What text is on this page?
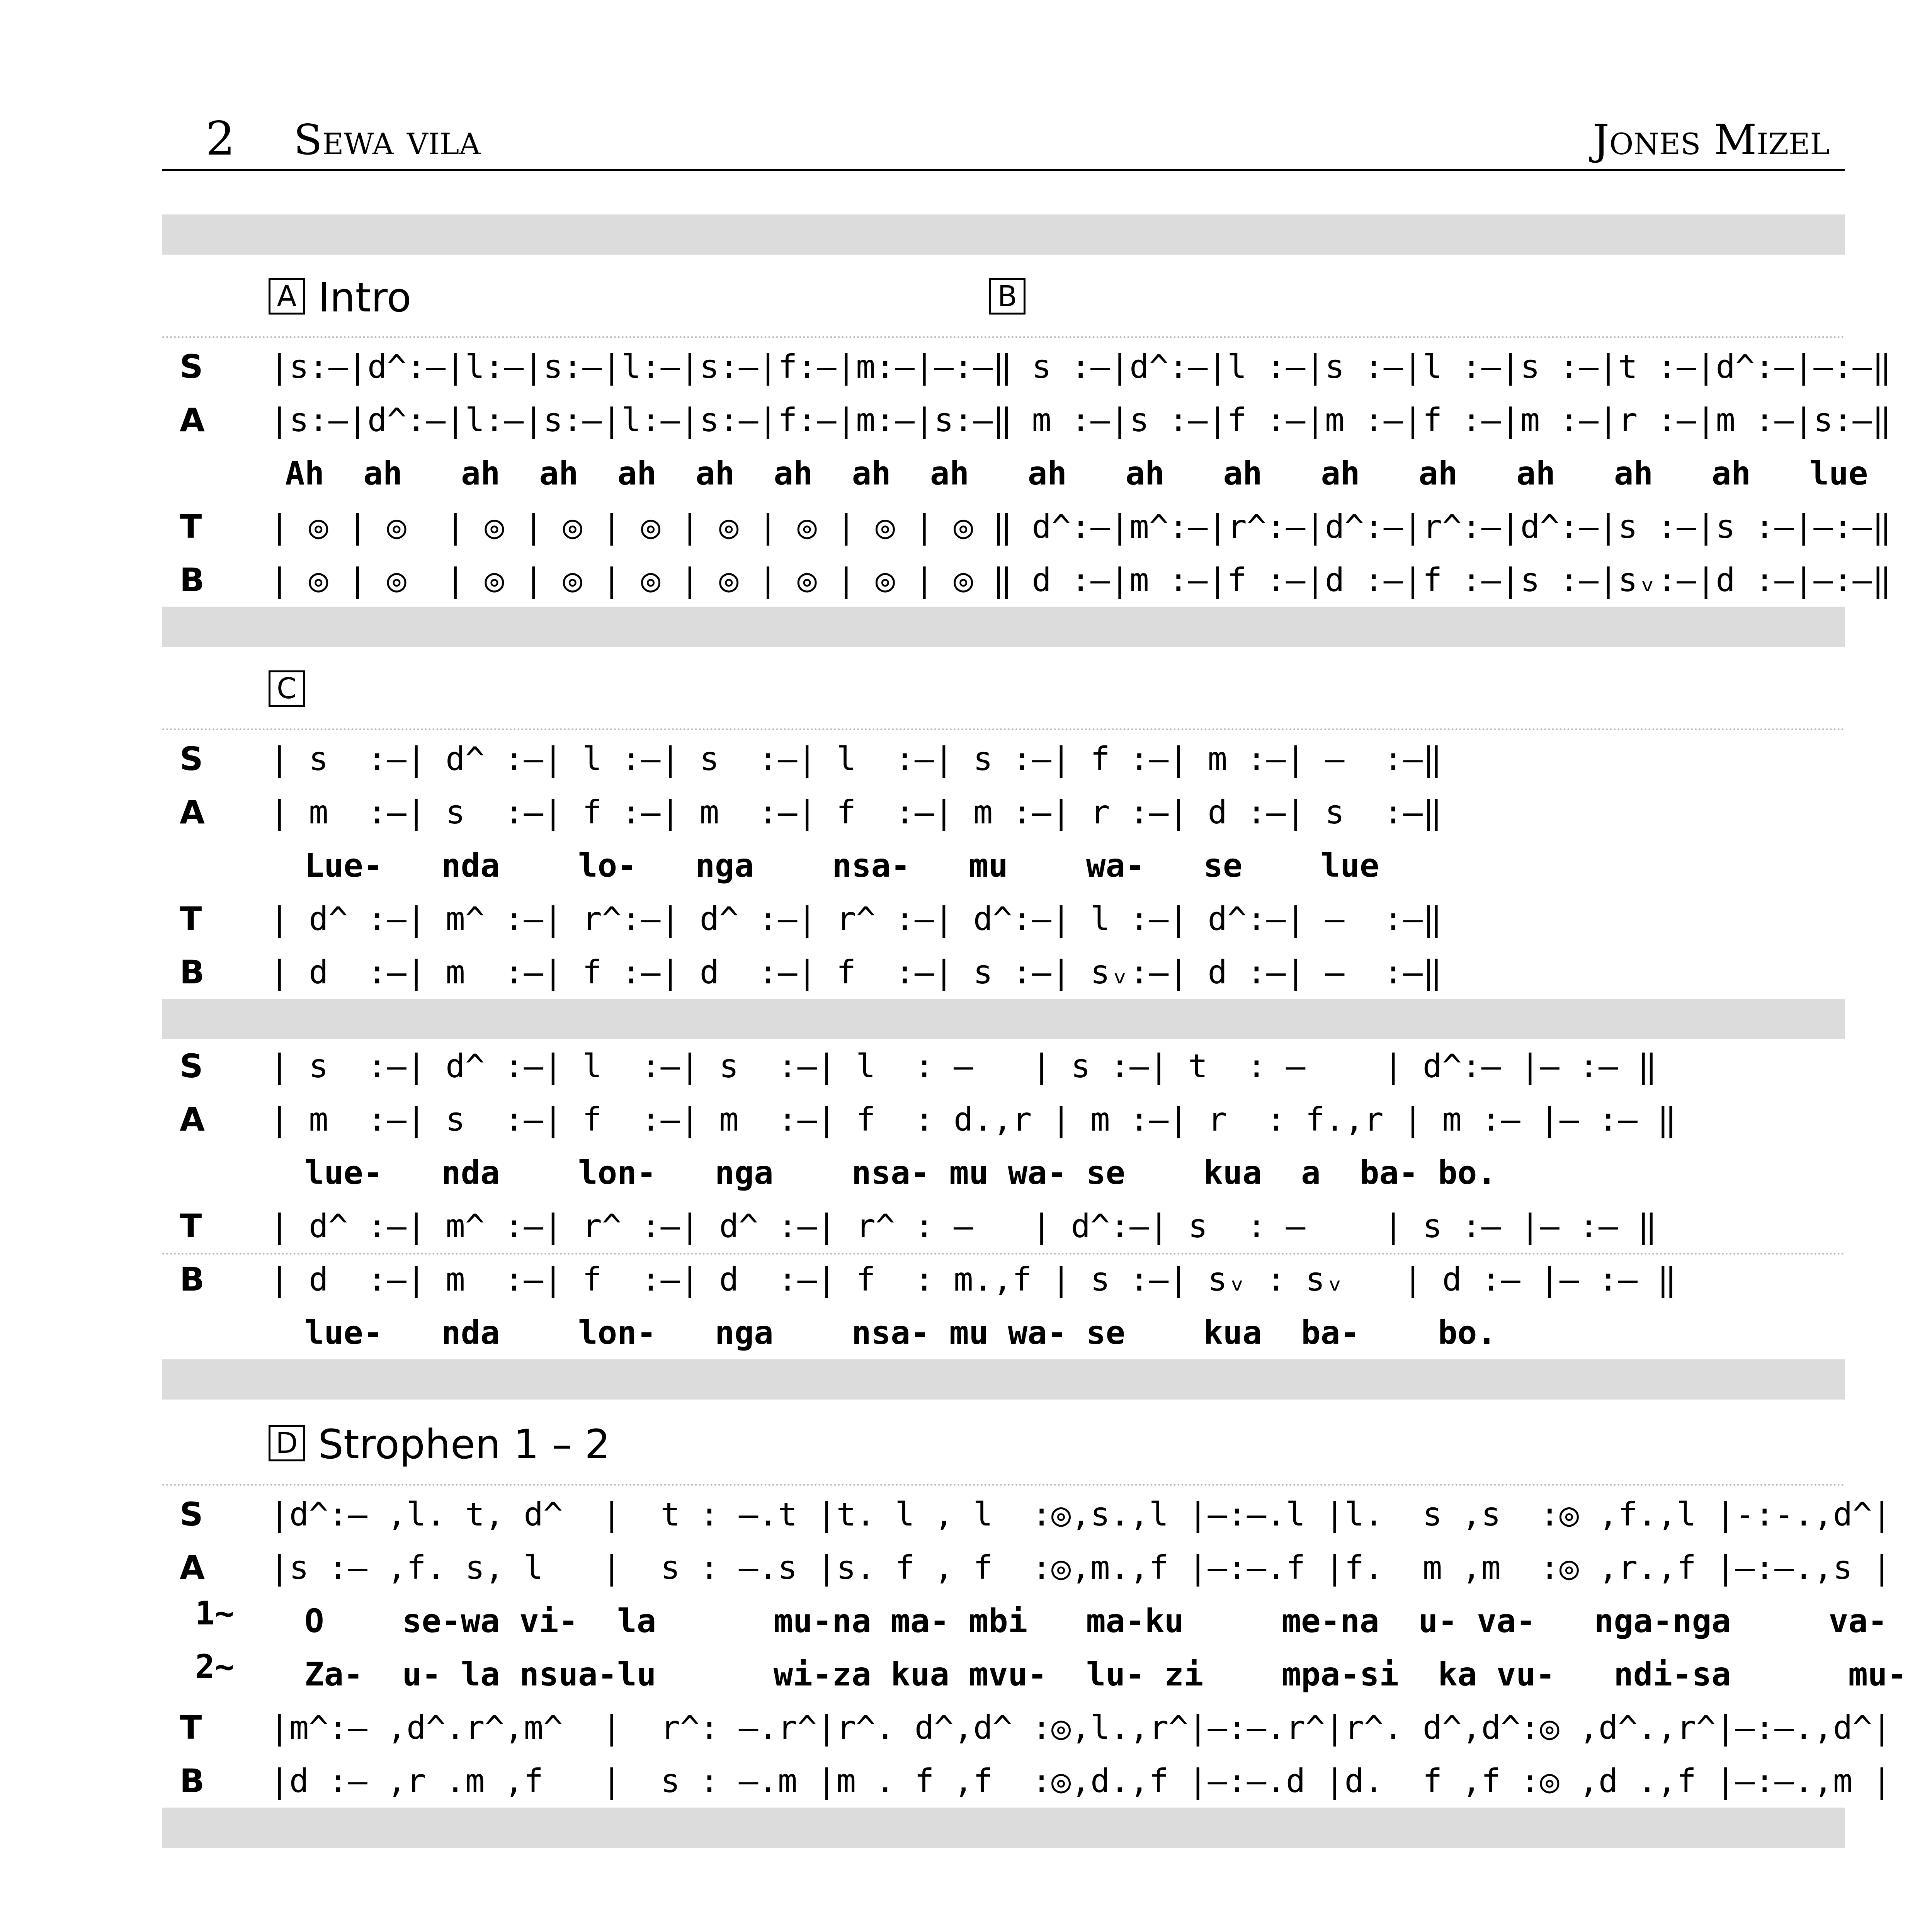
2 Sewa vila	Jones Mizel
A Intro	B
S	|s:–|d^:–|l:–|s:–|l:–|s:–|f:–|m:–|–:–‖ s :–|d^:–|l :–|s :–|l :–|s :–|t :–|d^:–|–:–‖
A	|s:–|d^:–|l:–|s:–|l:–|s:–|f:–|m:–|s:–‖ m :–|s :–|f :–|m :–|f :–|m :–|r :–|m :–|s:–‖
Ah  ah   ah  ah  ah  ah  ah  ah  ah   ah   ah   ah   ah   ah   ah   ah   ah   lue
T	| ◎ | ◎  | ◎ | ◎ | ◎ | ◎ | ◎ | ◎ | ◎ ‖ d^:–|m^:–|r^:–|d^:–|r^:–|d^:–|s :–|s :–|–:–‖
B	| ◎ | ◎  | ◎ | ◎ | ◎ | ◎ | ◎ | ◎ | ◎ ‖ d :–|m :–|f :–|d :–|f :–|s :–|sᵥ:–|d :–|–:–‖
C
S	| s  :–| d^ :–| l :–| s  :–| l  :–| s :–| f :–| m :–| –  :–‖
A	| m  :–| s  :–| f :–| m  :–| f  :–| m :–| r :–| d :–| s  :–‖
Lue-   nda    lo-   nga    nsa-   mu    wa-   se    lue
T	| d^ :–| m^ :–| r^:–| d^ :–| r^ :–| d^:–| l :–| d^:–| –  :–‖
B	| d  :–| m  :–| f :–| d  :–| f  :–| s :–| sᵥ:–| d :–| –  :–‖
S	| s  :–| d^ :–| l  :–| s  :–| l  : –   | s :–| t  : –    | d^:– |– :– ‖
A	| m  :–| s  :–| f  :–| m  :–| f  : d.,r | m :–| r  : f.,r | m :– |– :– ‖
lue-   nda    lon-   nga    nsa- mu wa- se    kua  a  ba- bo.
T	| d^ :–| m^ :–| r^ :–| d^ :–| r^ : –   | d^:–| s  : –    | s :– |– :– ‖
B	| d  :–| m  :–| f  :–| d  :–| f  : m.,f | s :–| sᵥ : sᵥ   | d :– |– :– ‖
lue-   nda    lon-   nga    nsa- mu wa- se    kua  ba-    bo.
D Strophen 1 – 2
S	|d^:– ,l. t, d^  |  t : –.t |t. l , l  :◎,s.,l |–:–.l |l.  s ,s  :◎ ,f.,l |-:-.,d^|
A	|s :– ,f. s, l   |  s : –.s |s. f , f  :◎,m.,f |–:–.f |f.  m ,m  :◎ ,r.,f |–:–.,s |
1~ O    se-wa vi-  la      mu-na ma- mbi   ma-ku     me-na  u- va-   nga-nga     va-
2~ Za-  u- la nsua-lu      wi-za kua mvu-  lu- zi    mpa-si  ka vu-   ndi-sa      mu-
T	|m^:– ,d^.r^,m^  |  r^: –.r^|r^. d^,d^ :◎,l.,r^|–:–.r^|r^. d^,d^:◎ ,d^.,r^|–:–.,d^|
B	|d :– ,r .m ,f   |  s : –.m |m . f ,f  :◎,d.,f |–:–.d |d.  f ,f :◎ ,d .,f |–:–.,m |
